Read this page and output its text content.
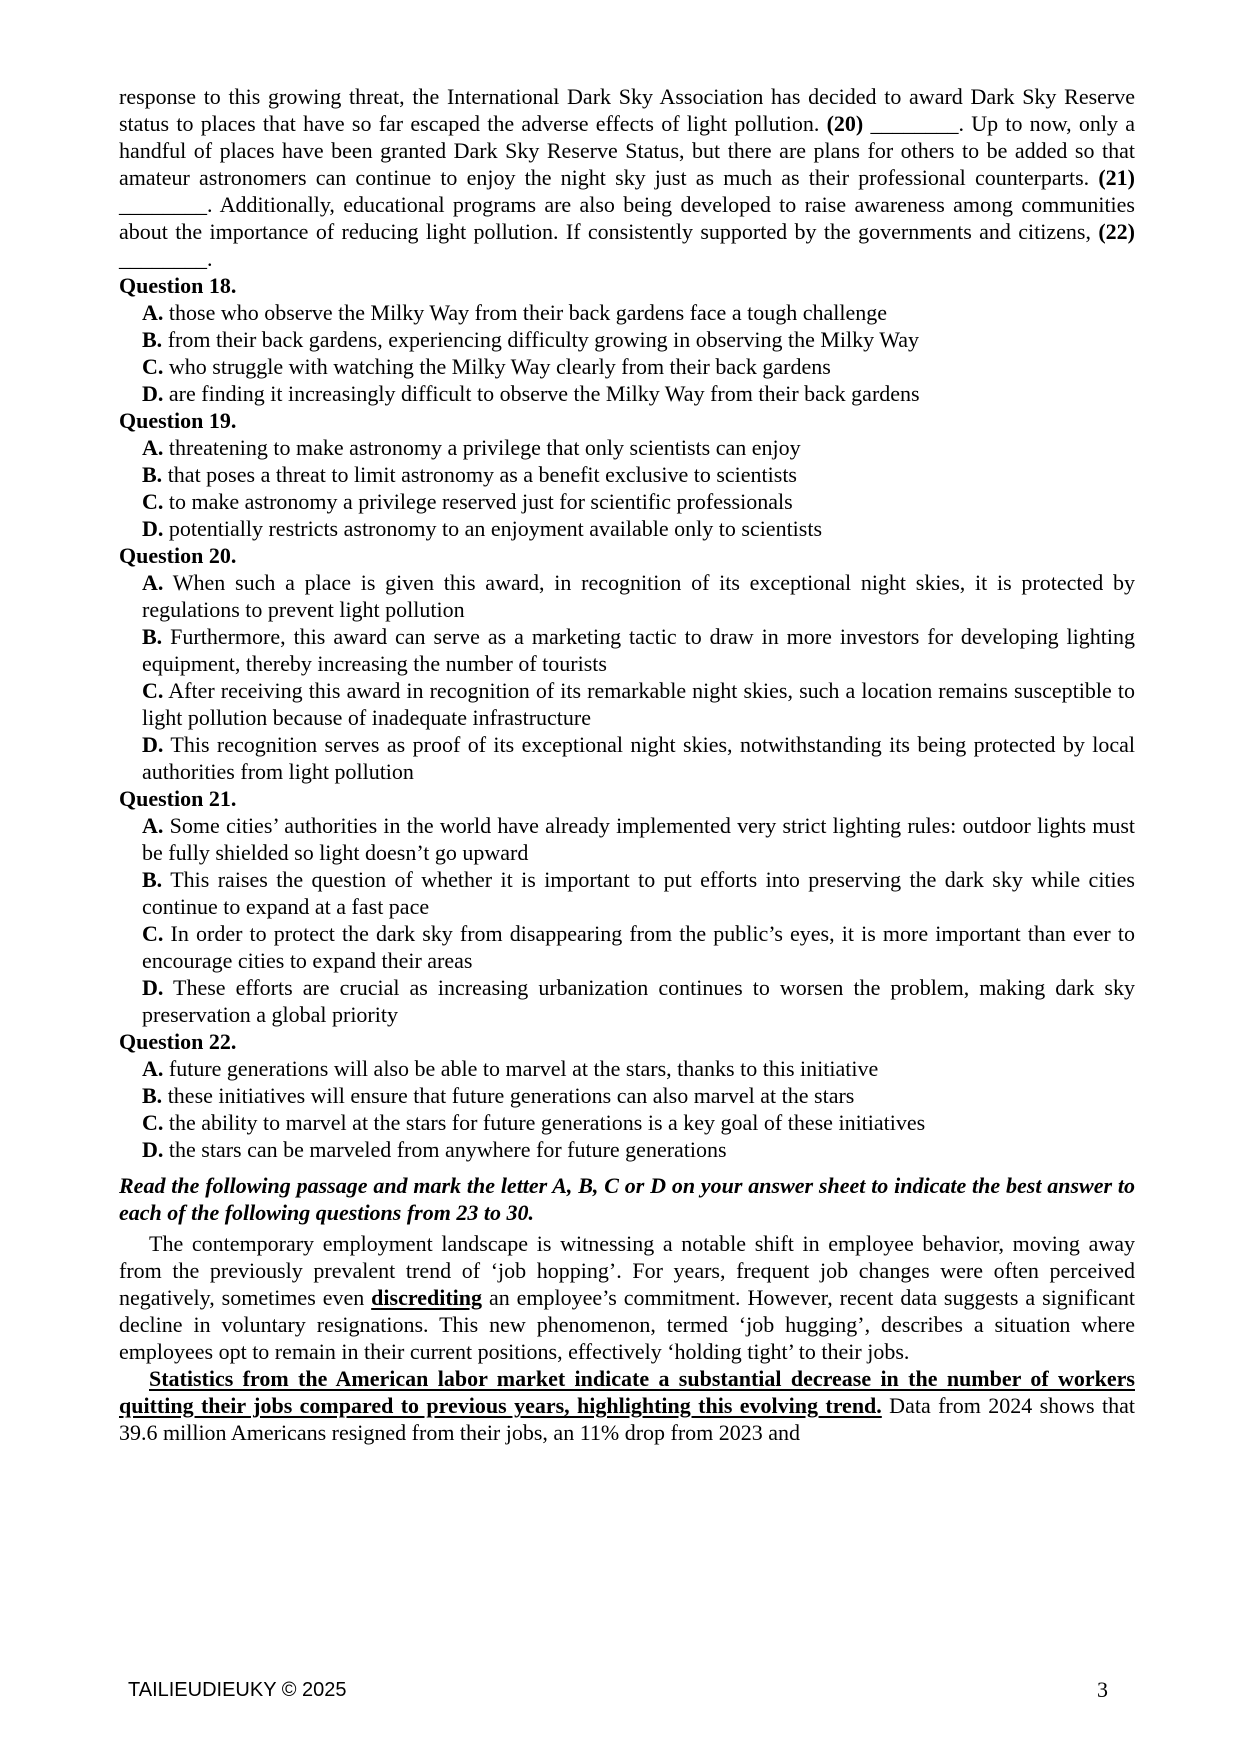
response to this growing threat, the International Dark Sky Association has decided to award Dark Sky Reserve status to places that have so far escaped the adverse effects of light pollution. (20) ________. Up to now, only a handful of places have been granted Dark Sky Reserve Status, but there are plans for others to be added so that amateur astronomers can continue to enjoy the night sky just as much as their professional counterparts. (21) ________. Additionally, educational programs are also being developed to raise awareness among communities about the importance of reducing light pollution. If consistently supported by the governments and citizens, (22) ________.

Question 18.

A. those who observe the Milky Way from their back gardens face a tough challenge

B. from their back gardens, experiencing difficulty growing in observing the Milky Way

C. who struggle with watching the Milky Way clearly from their back gardens

D. are finding it increasingly difficult to observe the Milky Way from their back gardens

Question 19.

A. threatening to make astronomy a privilege that only scientists can enjoy

B. that poses a threat to limit astronomy as a benefit exclusive to scientists

C. to make astronomy a privilege reserved just for scientific professionals

D. potentially restricts astronomy to an enjoyment available only to scientists

Question 20.

A. When such a place is given this award, in recognition of its exceptional night skies, it is protected by regulations to prevent light pollution

B. Furthermore, this award can serve as a marketing tactic to draw in more investors for developing lighting equipment, thereby increasing the number of tourists

C. After receiving this award in recognition of its remarkable night skies, such a location remains susceptible to light pollution because of inadequate infrastructure

D. This recognition serves as proof of its exceptional night skies, notwithstanding its being protected by local authorities from light pollution

Question 21.

A. Some cities’ authorities in the world have already implemented very strict lighting rules: outdoor lights must be fully shielded so light doesn’t go upward

B. This raises the question of whether it is important to put efforts into preserving the dark sky while cities continue to expand at a fast pace

C. In order to protect the dark sky from disappearing from the public’s eyes, it is more important than ever to encourage cities to expand their areas

D. These efforts are crucial as increasing urbanization continues to worsen the problem, making dark sky preservation a global priority

Question 22.

A. future generations will also be able to marvel at the stars, thanks to this initiative

B. these initiatives will ensure that future generations can also marvel at the stars

C. the ability to marvel at the stars for future generations is a key goal of these initiatives

D. the stars can be marveled from anywhere for future generations

Read the following passage and mark the letter A, B, C or D on your answer sheet to indicate the best answer to each of the following questions from 23 to 30.

The contemporary employment landscape is witnessing a notable shift in employee behavior, moving away from the previously prevalent trend of ‘job hopping’. For years, frequent job changes were often perceived negatively, sometimes even discrediting an employee’s commitment. However, recent data suggests a significant decline in voluntary resignations. This new phenomenon, termed ‘job hugging’, describes a situation where employees opt to remain in their current positions, effectively ‘holding tight’ to their jobs.

Statistics from the American labor market indicate a substantial decrease in the number of workers quitting their jobs compared to previous years, highlighting this evolving trend. Data from 2024 shows that 39.6 million Americans resigned from their jobs, an 11% drop from 2023 and

TAILIEUDIEUKY © 2025	3
